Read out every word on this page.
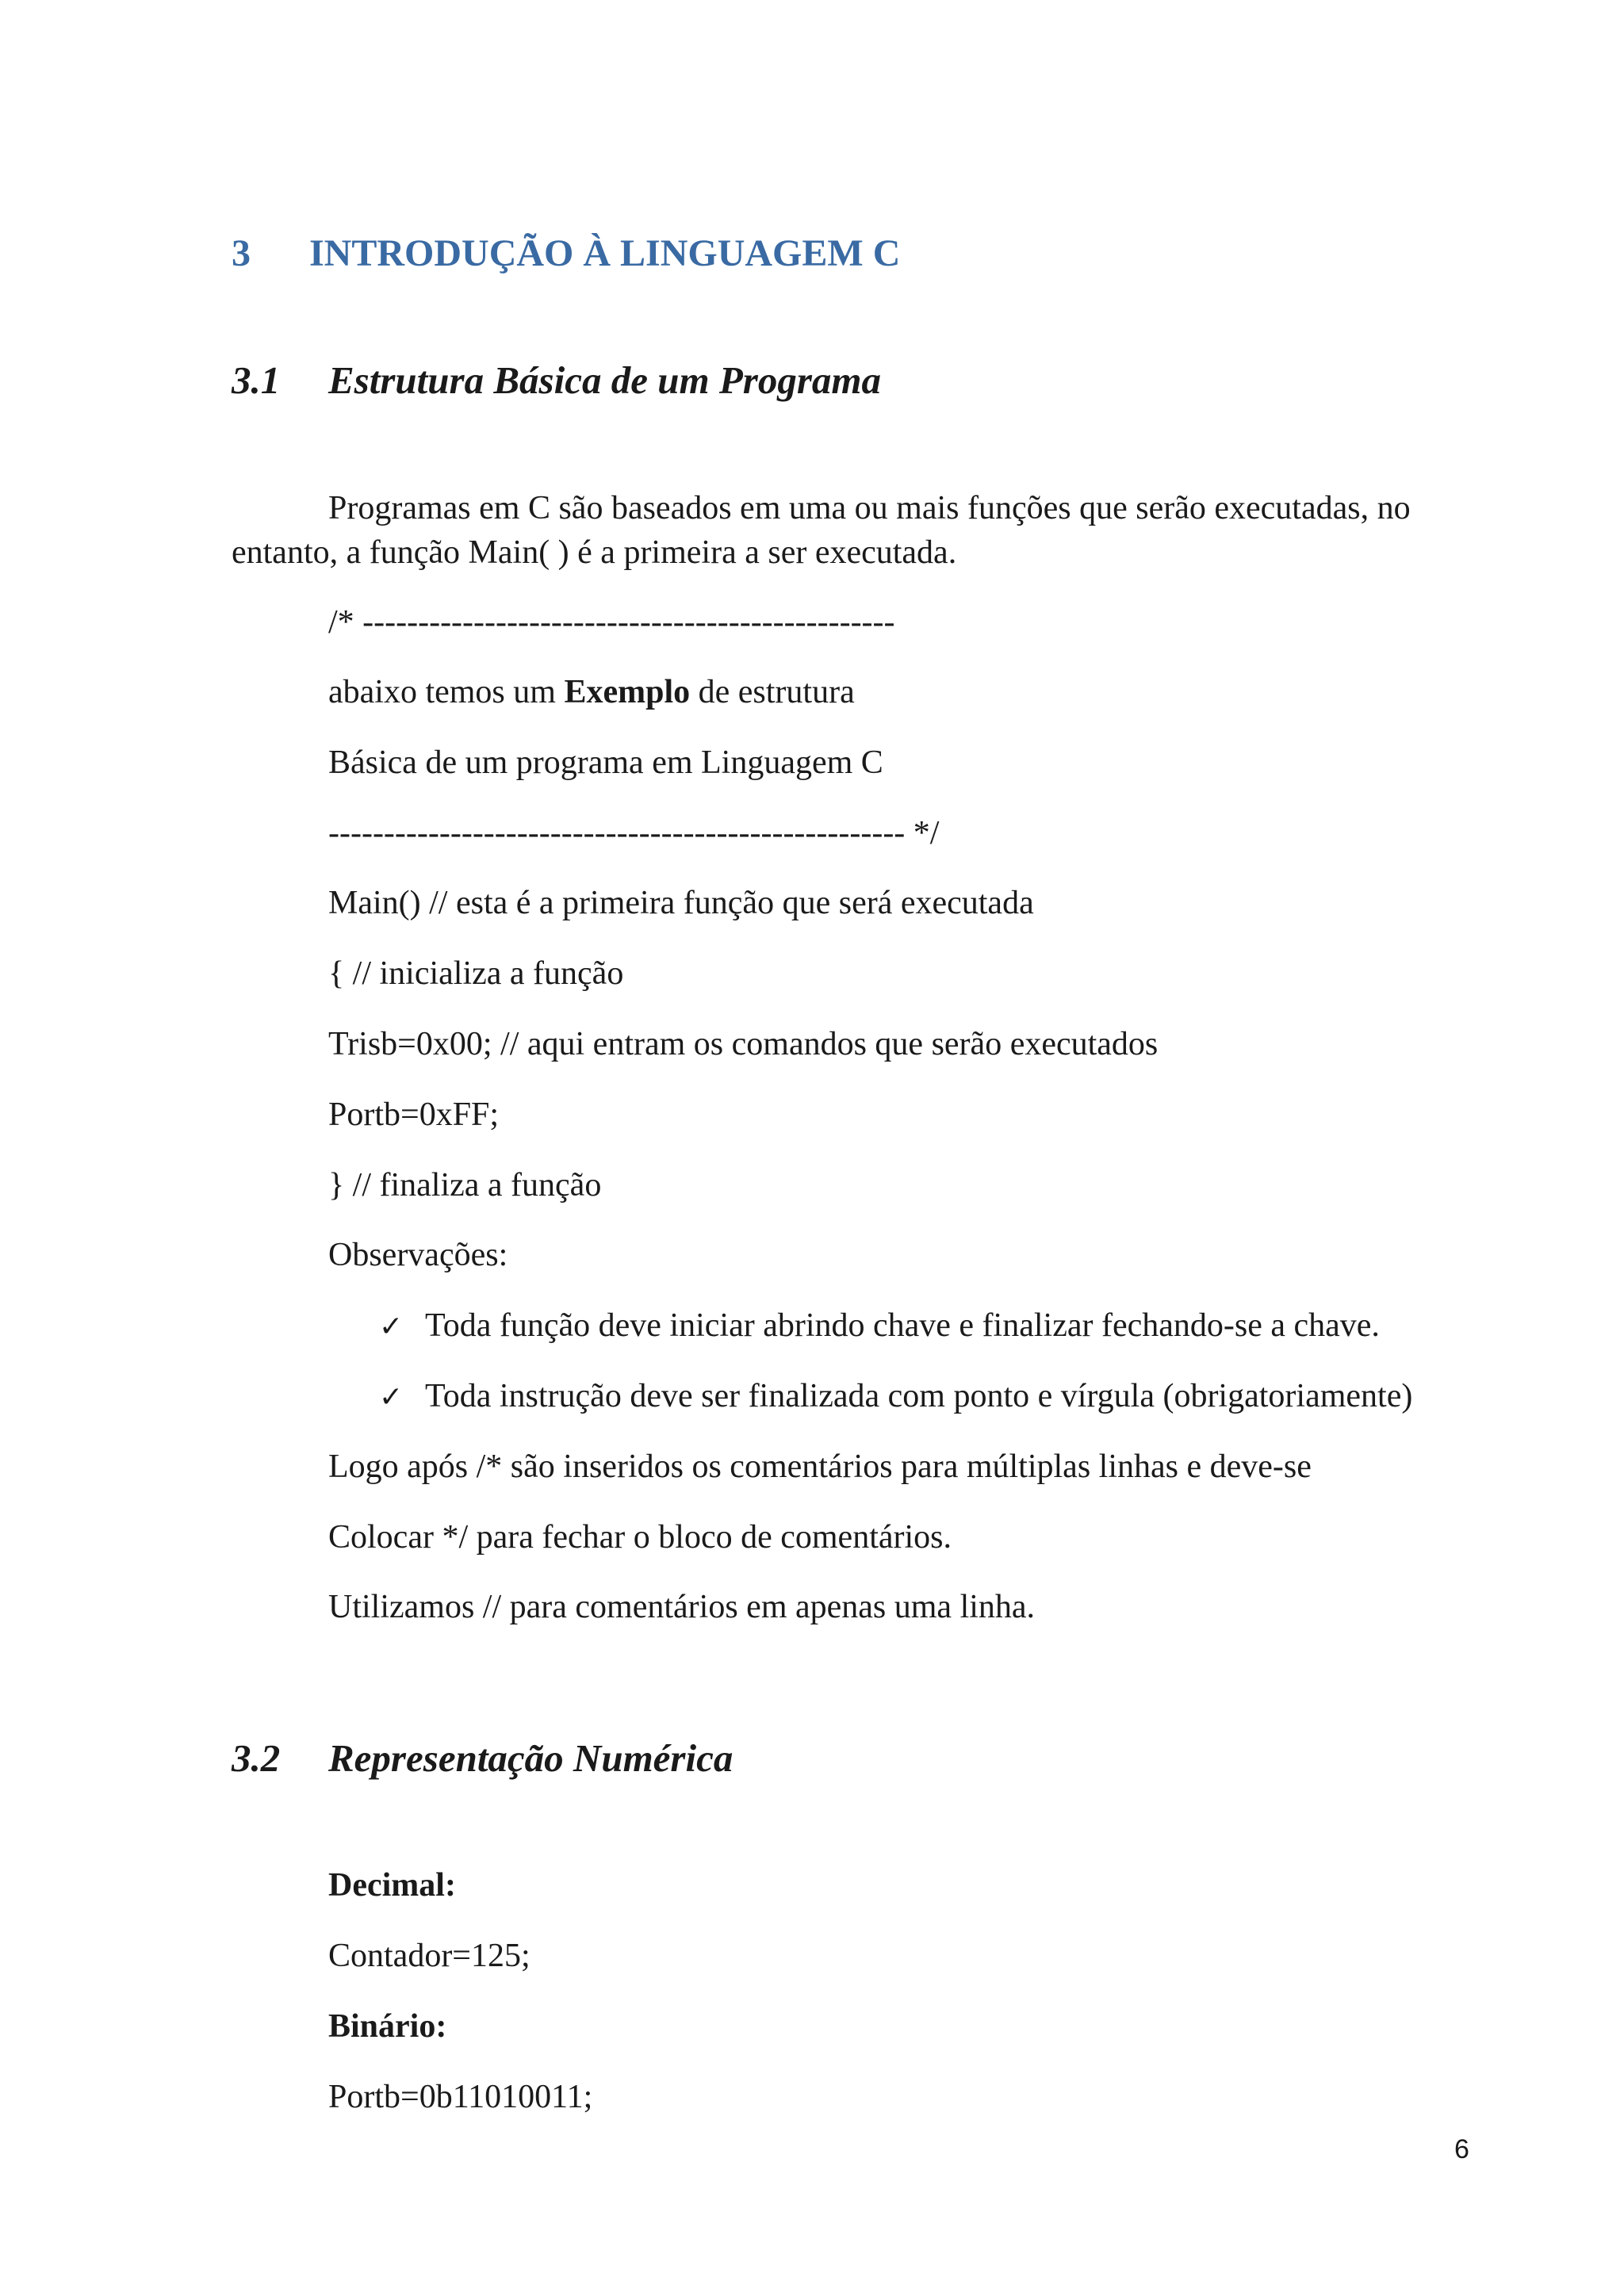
3 INTRODUÇÃO À LINGUAGEM C
3.1 Estrutura Básica de um Programa
Programas em C são baseados em uma ou mais funções que serão executadas, no
entanto, a função Main( ) é a primeira a ser executada.
/* ------------------------------------------------
abaixo temos um Exemplo de estrutura
Básica de um programa em Linguagem C
---------------------------------------------------- */
Main() // esta é a primeira função que será executada
{ // inicializa a função
Trisb=0x00; // aqui entram os comandos que serão executados
Portb=0xFF;
} // finaliza a função
Observações:
✓ Toda função deve iniciar abrindo chave e finalizar fechando-se a chave.
✓ Toda instrução deve ser finalizada com ponto e vírgula (obrigatoriamente)
Logo após /* são inseridos os comentários para múltiplas linhas e deve-se
Colocar */ para fechar o bloco de comentários.
Utilizamos // para comentários em apenas uma linha.
3.2 Representação Numérica
Decimal:
Contador=125;
Binário:
Portb=0b11010011;
6
